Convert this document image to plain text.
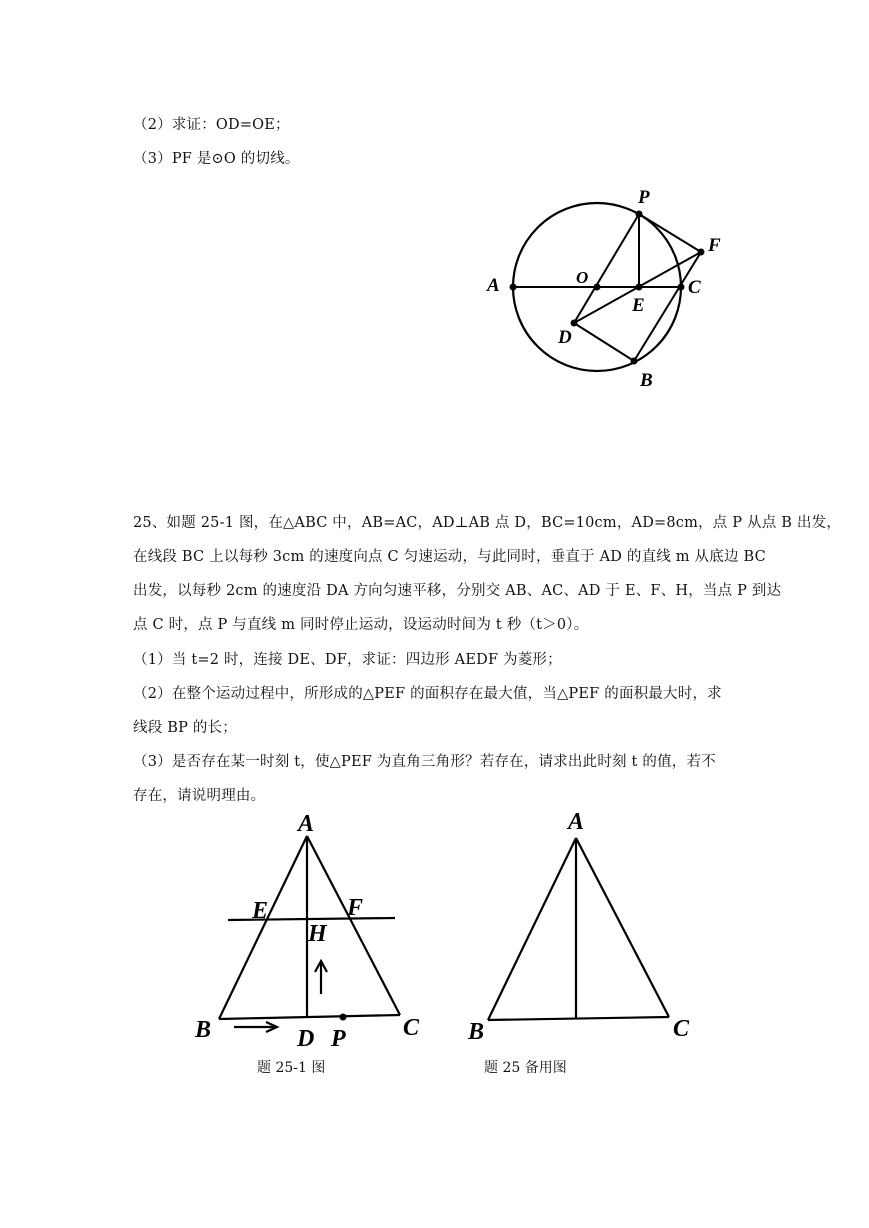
（2）求证：OD=OE；
（3）PF 是⊙O 的切线。
P
F
A	O	C
E
D
B
25、如题 25-1 图，在△ABC 中，AB=AC，AD⊥AB 点 D，BC=10cm，AD=8cm，点 P 从点 B 出发，
在线段 BC 上以每秒 3cm 的速度向点 C 匀速运动，与此同时，垂直于 AD 的直线 m 从底边 BC
出发，以每秒 2cm 的速度沿 DA 方向匀速平移，分别交 AB、AC、AD 于 E、F、H，当点 P 到达
点 C 时，点 P 与直线 m 同时停止运动，设运动时间为 t 秒（t＞0）。
（1）当 t=2 时，连接 DE、DF，求证：四边形 AEDF 为菱形；
（2）在整个运动过程中，所形成的△PEF 的面积存在最大值，当△PEF 的面积最大时，求
线段 BP 的长；
（3）是否存在某一时刻 t，使△PEF 为直角三角形？若存在，请求出此时刻 t 的值，若不
存在，请说明理由。
A
E	F
H
B	D P C
A
B	C
题 25-1 图	题 25 备用图
